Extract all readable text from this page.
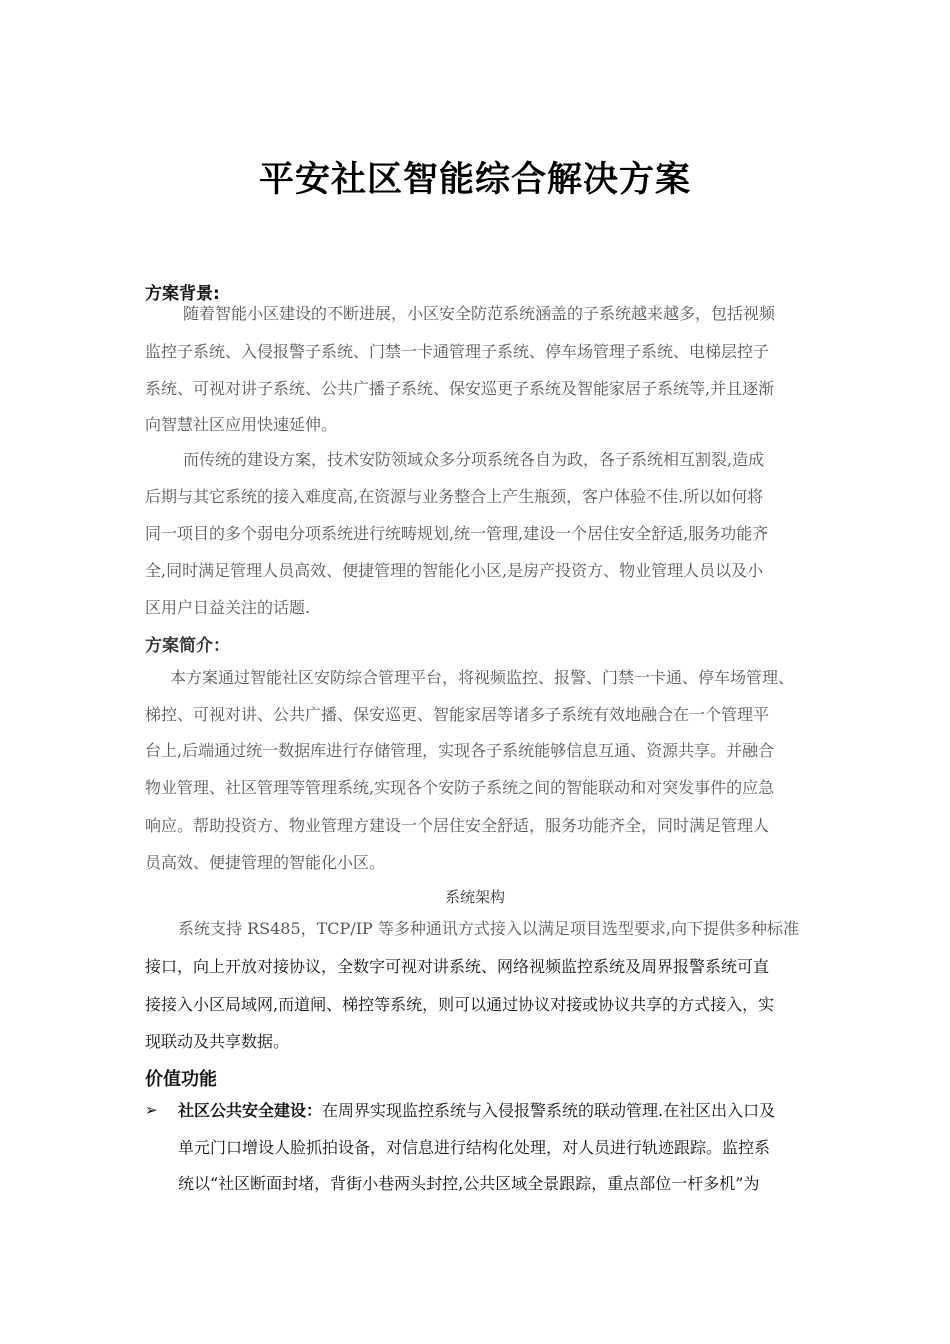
平安社区智能综合解决方案
方案背景:
随着智能小区建设的不断进展，小区安全防范系统涵盖的子系统越来越多，包括视频
监控子系统、入侵报警子系统、门禁一卡通管理子系统、停车场管理子系统、电梯层控子
系统、可视对讲子系统、公共广播子系统、保安巡更子系统及智能家居子系统等,并且逐渐
向智慧社区应用快速延伸。
而传统的建设方案，技术安防领域众多分项系统各自为政，各子系统相互割裂,造成
后期与其它系统的接入难度高,在资源与业务整合上产生瓶颈，客户体验不佳.所以如何将
同一项目的多个弱电分项系统进行统畴规划,统一管理,建设一个居住安全舒适,服务功能齐
全,同时满足管理人员高效、便捷管理的智能化小区,是房产投资方、物业管理人员以及小
区用户日益关注的话题.
方案简介：
本方案通过智能社区安防综合管理平台，将视频监控、报警、门禁一卡通、停车场管理、
梯控、可视对讲、公共广播、保安巡更、智能家居等诸多子系统有效地融合在一个管理平
台上,后端通过统一数据库进行存储管理，实现各子系统能够信息互通、资源共享。并融合
物业管理、社区管理等管理系统,实现各个安防子系统之间的智能联动和对突发事件的应急
响应。帮助投资方、物业管理方建设一个居住安全舒适，服务功能齐全，同时满足管理人
员高效、便捷管理的智能化小区。
系统架构
系统支持 RS485，TCP/IP 等多种通讯方式接入以满足项目选型要求,向下提供多种标准
接口，向上开放对接协议，全数字可视对讲系统、网络视频监控系统及周界报警系统可直
接接入小区局域网,而道闸、梯控等系统，则可以通过协议对接或协议共享的方式接入，实
现联动及共享数据。
价值功能
➢ 社区公共安全建设：在周界实现监控系统与入侵报警系统的联动管理.在社区出入口及
单元门口增设人脸抓拍设备，对信息进行结构化处理，对人员进行轨迹跟踪。监控系
统以“社区断面封堵，背街小巷两头封控,公共区域全景跟踪，重点部位一杆多机”为
